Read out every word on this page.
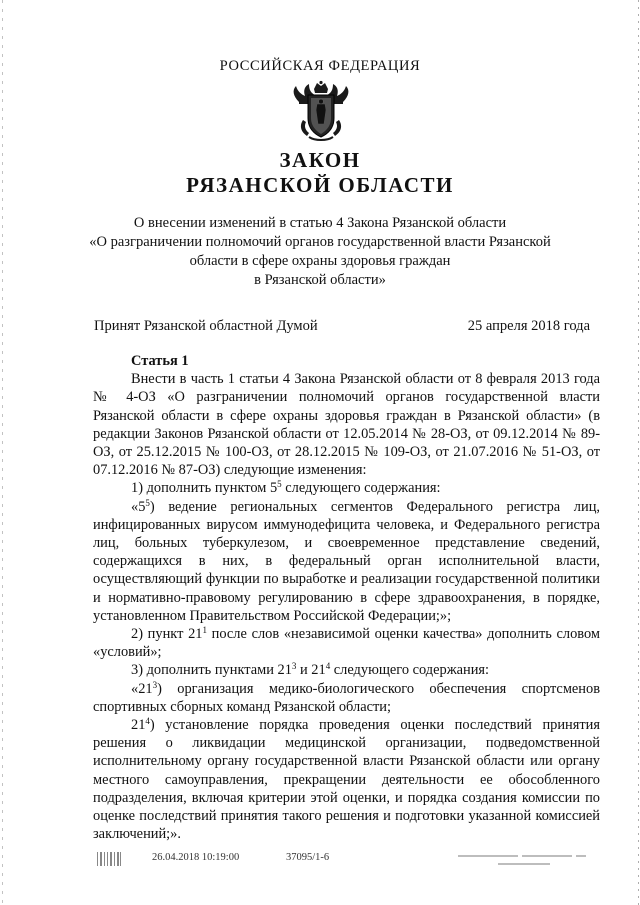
РОССИЙСКАЯ ФЕДЕРАЦИЯ
ЗАКОН
РЯЗАНСКОЙ ОБЛАСТИ
О внесении изменений в статью 4 Закона Рязанской области
«О разграничении полномочий органов государственной власти Рязанской
области в сфере охраны здоровья граждан
в Рязанской области»
Принят Рязанской областной Думой	25 апреля 2018 года

Статья 1

Внести в часть 1 статьи 4 Закона Рязанской области от 8 февраля 2013 года № 4-ОЗ «О разграничении полномочий органов государственной власти Рязанской области в сфере охраны здоровья граждан в Рязанской области» (в редакции Законов Рязанской области от 12.05.2014 № 28-ОЗ, от 09.12.2014 № 89-ОЗ, от 25.12.2015 № 100-ОЗ, от 28.12.2015 № 109-ОЗ, от 21.07.2016 № 51-ОЗ, от 07.12.2016 № 87-ОЗ) следующие изменения:

1) дополнить пунктом $5^5$ следующего содержания:

«$5^5$) ведение региональных сегментов Федерального регистра лиц, инфицированных вирусом иммунодефицита человека, и Федерального регистра лиц, больных туберкулезом, и своевременное представление сведений, содержащихся в них, в федеральный орган исполнительной власти, осуществляющий функции по выработке и реализации государственной политики и нормативно-правовому регулированию в сфере здравоохранения, в порядке, установленном Правительством Российской Федерации;»;

2) пункт $21^1$ после слов «независимой оценки качества» дополнить словом «условий»;

3) дополнить пунктами $21^3$ и $21^4$ следующего содержания:

«$21^3$) организация медико-биологического обеспечения спортсменов спортивных сборных команд Рязанской области;

$21^4$) установление порядка проведения оценки последствий принятия решения о ликвидации медицинской организации, подведомственной исполнительному органу государственной власти Рязанской области или органу местного самоуправления, прекращении деятельности ее обособленного подразделения, включая критерии этой оценки, и порядка создания комиссии по оценке последствий принятия такого решения и подготовки указанной комиссией заключений;».

26.04.2018 10:19:00	37095/1-6
